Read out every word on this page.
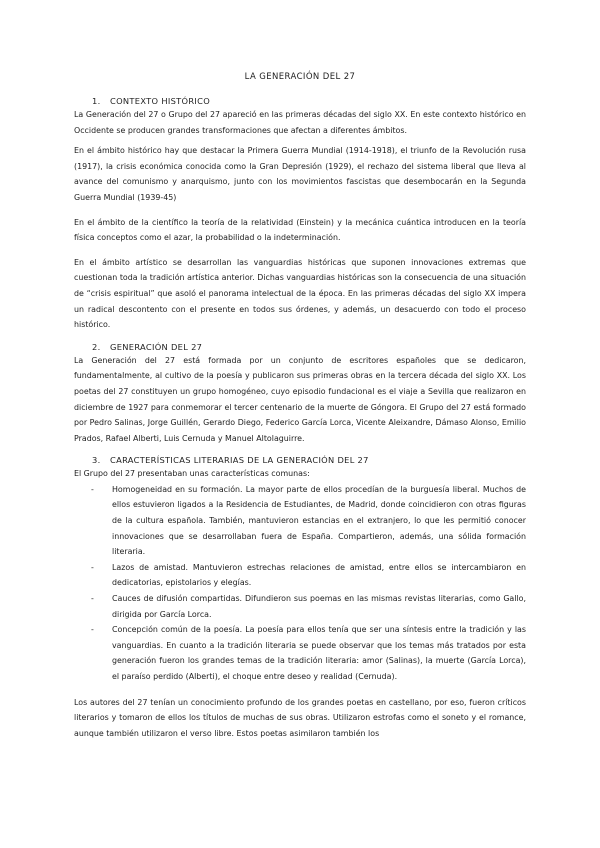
LA GENERACIÓN DEL 27
1. CONTEXTO HISTÓRICO

La Generación del 27 o Grupo del 27 apareció en las primeras décadas del siglo XX. En este contexto histórico en Occidente se producen grandes transformaciones que afectan a diferentes ámbitos.

En el ámbito histórico hay que destacar la Primera Guerra Mundial (1914-1918), el triunfo de la Revolución rusa (1917), la crisis económica conocida como la Gran Depresión (1929), el rechazo del sistema liberal que lleva al avance del comunismo y anarquismo, junto con los movimientos fascistas que desembocarán en la Segunda Guerra Mundial (1939-45)

En el ámbito de la científico la teoría de la relatividad (Einstein) y la mecánica cuántica introducen en la teoría física conceptos como el azar, la probabilidad o la indeterminación.

En el ámbito artístico se desarrollan las vanguardias históricas que suponen innovaciones extremas que cuestionan toda la tradición artística anterior. Dichas vanguardias históricas son la consecuencia de una situación de “crisis espiritual” que asoló el panorama intelectual de la época. En las primeras décadas del siglo XX impera un radical descontento con el presente en todos sus órdenes, y además, un desacuerdo con todo el proceso histórico.

2. GENERACIÓN DEL 27

La Generación del 27 está formada por un conjunto de escritores españoles que se dedicaron, fundamentalmente, al cultivo de la poesía y publicaron sus primeras obras en la tercera década del siglo XX. Los poetas del 27 constituyen un grupo homogéneo, cuyo episodio fundacional es el viaje a Sevilla que realizaron en diciembre de 1927 para conmemorar el tercer centenario de la muerte de Góngora. El Grupo del 27 está formado por Pedro Salinas, Jorge Guillén, Gerardo Diego, Federico García Lorca, Vicente Aleixandre, Dámaso Alonso, Emilio Prados, Rafael Alberti, Luis Cernuda y Manuel Altolaguirre.

3. CARACTERÍSTICAS LITERARIAS DE LA GENERACIÓN DEL 27

El Grupo del 27 presentaban unas características comunas:

- Homogeneidad en su formación. La mayor parte de ellos procedían de la burguesía liberal. Muchos de ellos estuvieron ligados a la Residencia de Estudiantes, de Madrid, donde coincidieron con otras figuras de la cultura española. También, mantuvieron estancias en el extranjero, lo que les permitió conocer innovaciones que se desarrollaban fuera de España. Compartieron, además, una sólida formación literaria.
- Lazos de amistad. Mantuvieron estrechas relaciones de amistad, entre ellos se intercambiaron en dedicatorias, epistolarios y elegías.
- Cauces de difusión compartidas. Difundieron sus poemas en las mismas revistas literarias, como Gallo, dirigida por García Lorca.
- Concepción común de la poesía. La poesía para ellos tenía que ser una síntesis entre la tradición y las vanguardias. En cuanto a la tradición literaria se puede observar que los temas más tratados por esta generación fueron los grandes temas de la tradición literaria: amor (Salinas), la muerte (García Lorca), el paraíso perdido (Alberti), el choque entre deseo y realidad (Cernuda).

Los autores del 27 tenían un conocimiento profundo de los grandes poetas en castellano, por eso, fueron críticos literarios y tomaron de ellos los títulos de muchas de sus obras. Utilizaron estrofas como el soneto y el romance, aunque también utilizaron el verso libre. Estos poetas asimilaron también los
